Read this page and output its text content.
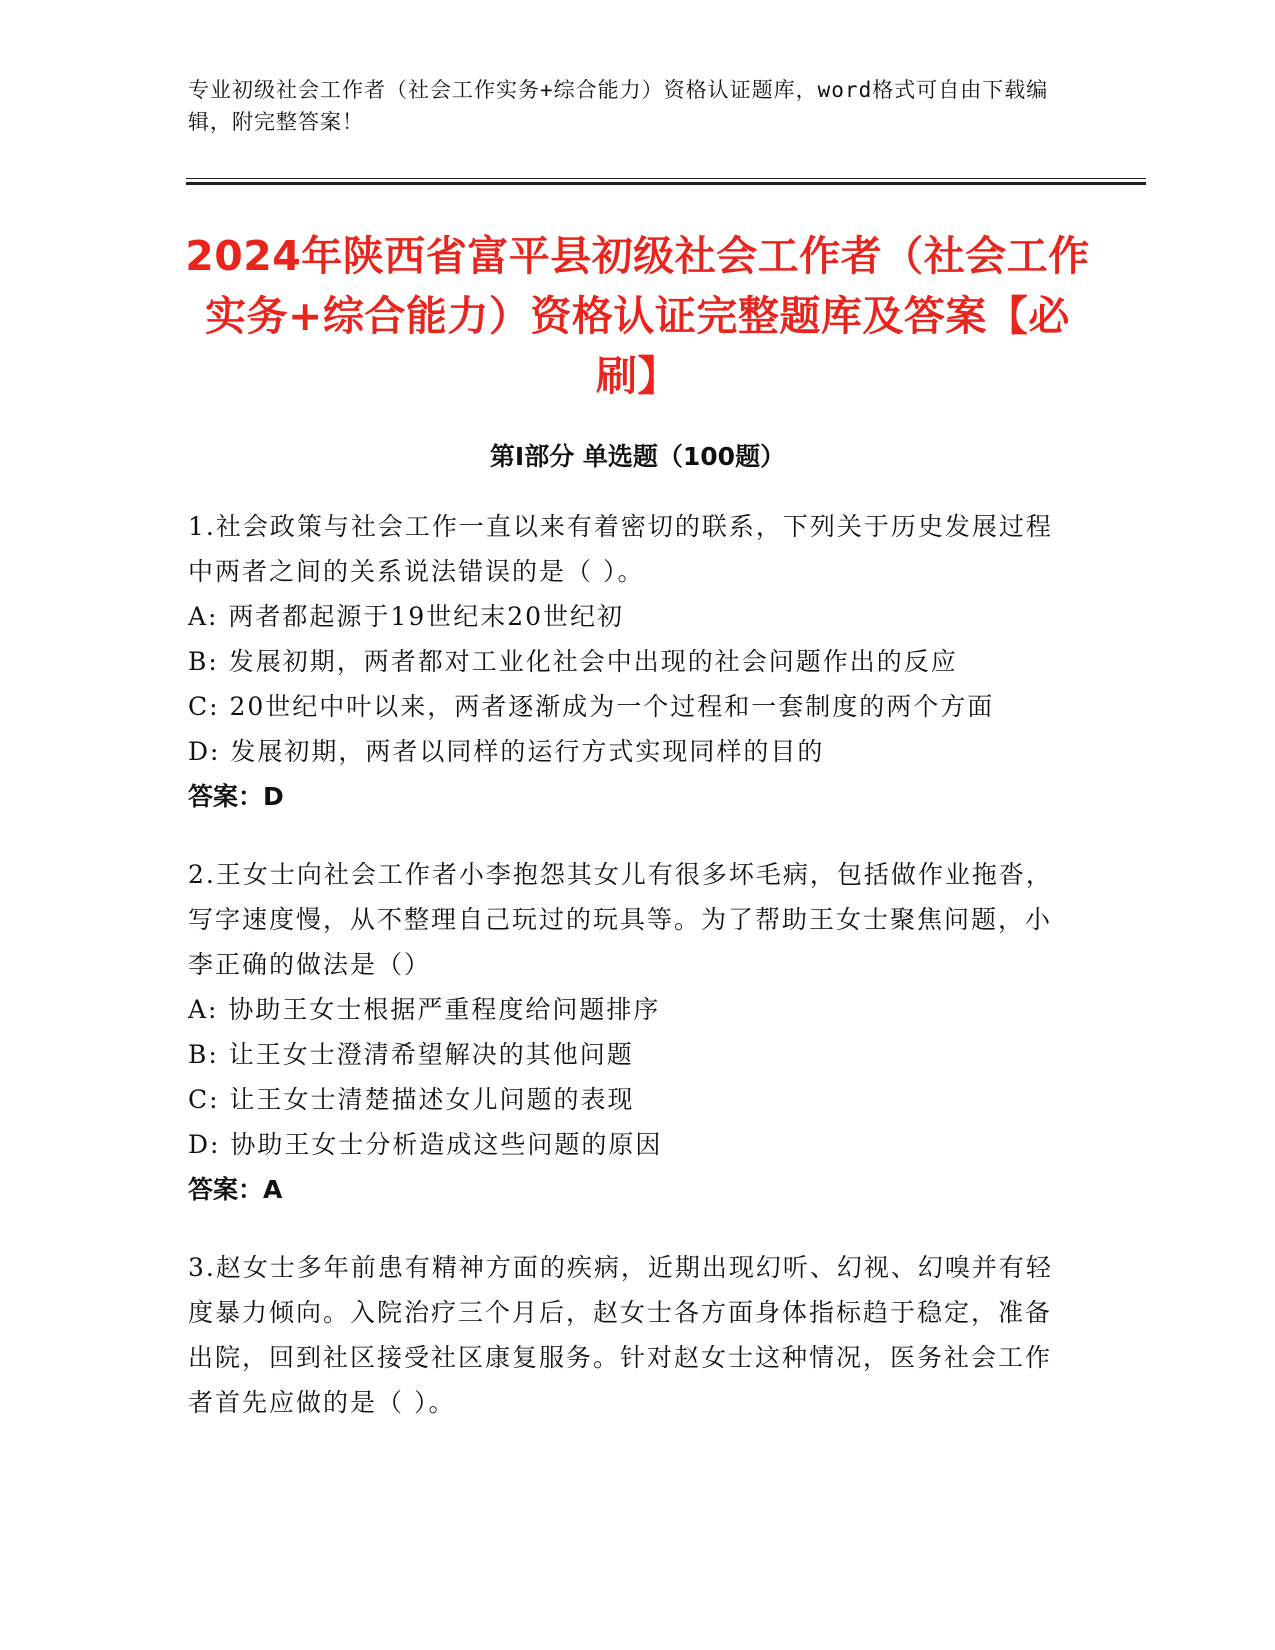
专业初级社会工作者（社会工作实务+综合能力）资格认证题库，word格式可自由下载编辑，附完整答案！
2024年陕西省富平县初级社会工作者（社会工作实务+综合能力）资格认证完整题库及答案【必刷】
第I部分 单选题（100题）
1.社会政策与社会工作一直以来有着密切的联系，下列关于历史发展过程中两者之间的关系说法错误的是（ ）。
A: 两者都起源于19世纪末20世纪初
B: 发展初期，两者都对工业化社会中出现的社会问题作出的反应
C: 20世纪中叶以来，两者逐渐成为一个过程和一套制度的两个方面
D: 发展初期，两者以同样的运行方式实现同样的目的
答案：D
2.王女士向社会工作者小李抱怨其女儿有很多坏毛病，包括做作业拖沓，写字速度慢，从不整理自己玩过的玩具等。为了帮助王女士聚焦问题，小李正确的做法是（）
A: 协助王女士根据严重程度给问题排序
B: 让王女士澄清希望解决的其他问题
C: 让王女士清楚描述女儿问题的表现
D: 协助王女士分析造成这些问题的原因
答案：A
3.赵女士多年前患有精神方面的疾病，近期出现幻听、幻视、幻嗅并有轻度暴力倾向。入院治疗三个月后，赵女士各方面身体指标趋于稳定，准备出院，回到社区接受社区康复服务。针对赵女士这种情况，医务社会工作者首先应做的是（ ）。
